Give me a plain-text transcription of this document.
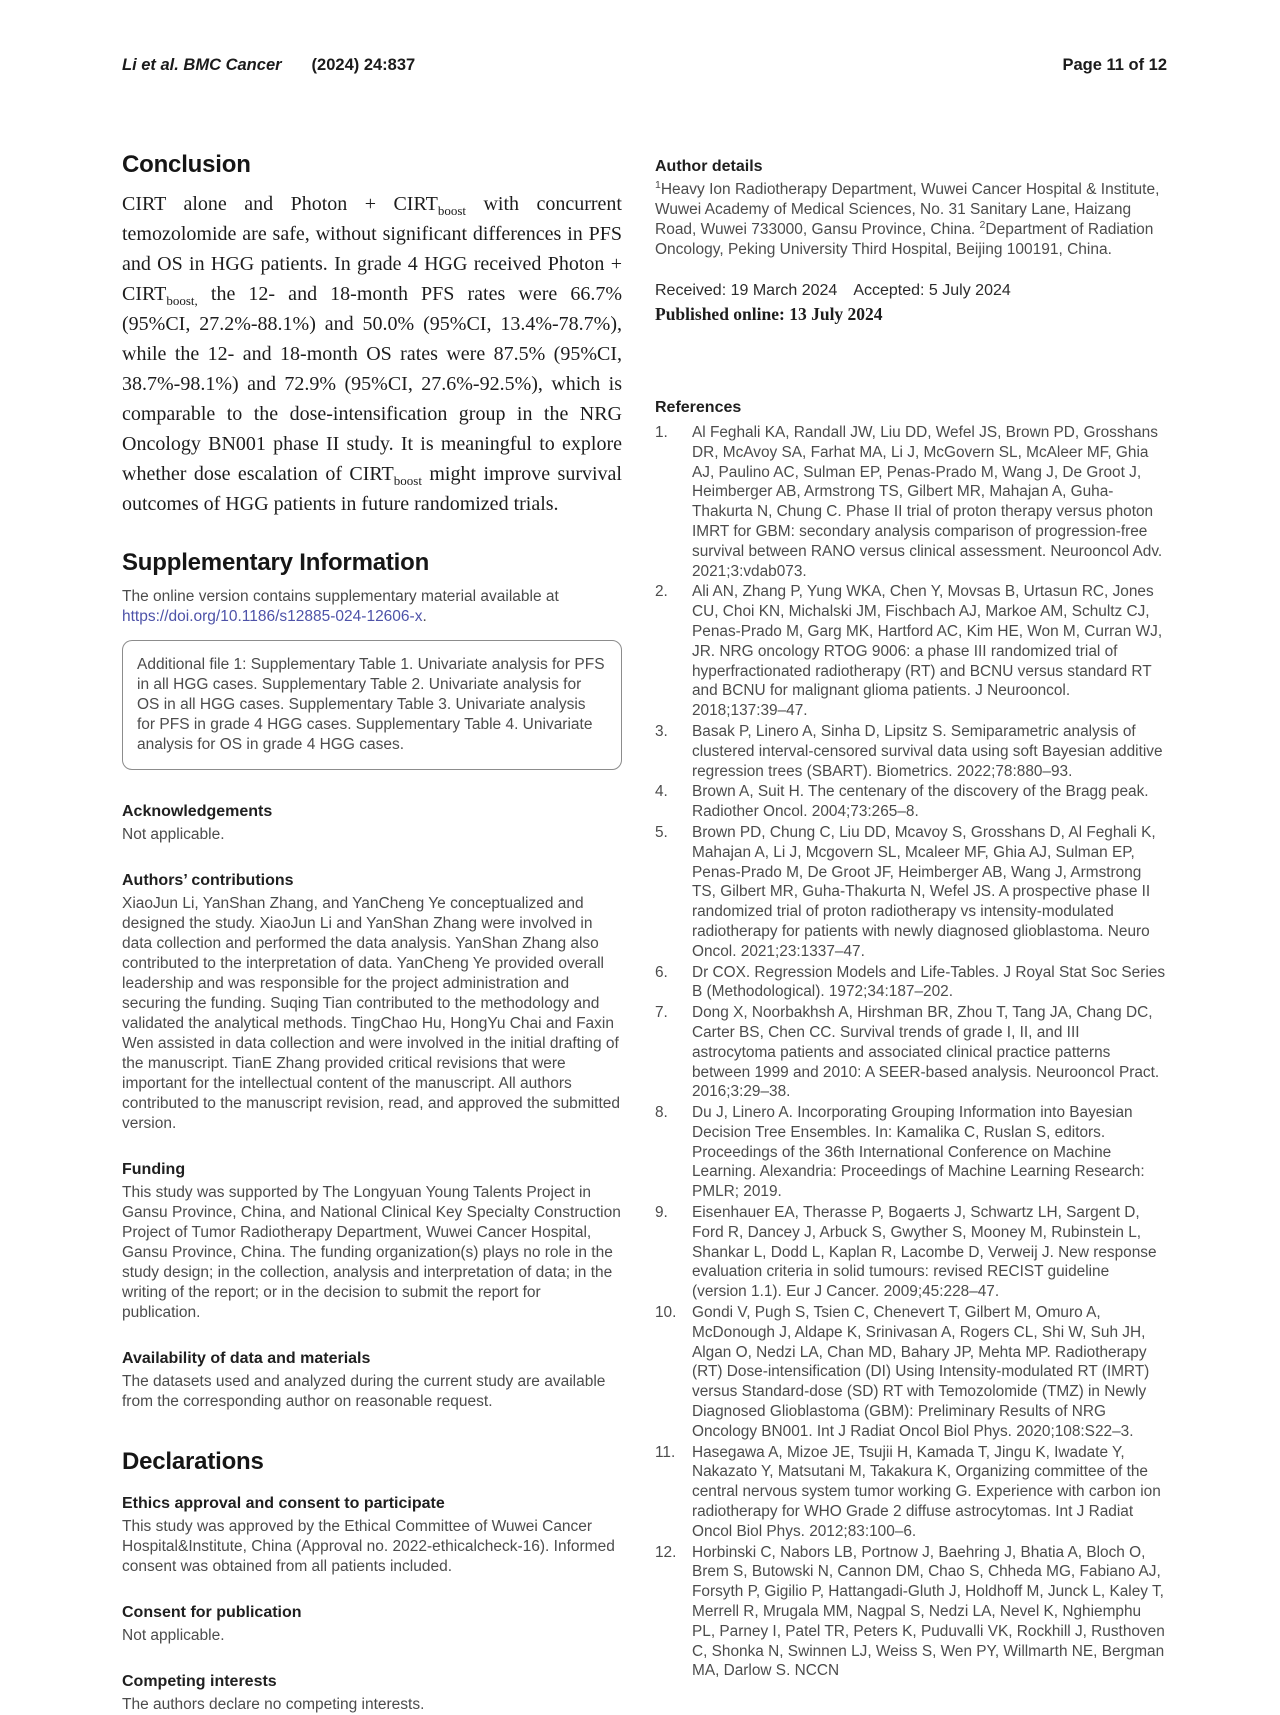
Li et al. BMC Cancer (2024) 24:837	Page 11 of 12
Conclusion

CIRT alone and Photon + $CIRT_{boost}$ with concurrent temozolomide are safe, without significant differences in PFS and OS in HGG patients. In grade 4 HGG received Photon + $CIRT_{boost,}$ the 12- and 18-month PFS rates were 66.7% (95%CI, 27.2%-88.1%) and 50.0% (95%CI, 13.4%-78.7%), while the 12- and 18-month OS rates were 87.5% (95%CI, 38.7%-98.1%) and 72.9% (95%CI, 27.6%-92.5%), which is comparable to the dose-intensification group in the NRG Oncology BN001 phase II study. It is meaningful to explore whether dose escalation of $CIRT_{boost}$ might improve survival outcomes of HGG patients in future randomized trials.

Supplementary Information

The online version contains supplementary material available at https://doi.org/10.1186/s12885-024-12606-x.

Additional file 1: Supplementary Table 1. Univariate analysis for PFS in all HGG cases. Supplementary Table 2. Univariate analysis for OS in all HGG cases. Supplementary Table 3. Univariate analysis for PFS in grade 4 HGG cases. Supplementary Table 4. Univariate analysis for OS in grade 4 HGG cases.
Acknowledgements

Not applicable.

Authors’ contributions

XiaoJun Li, YanShan Zhang, and YanCheng Ye conceptualized and designed the study. XiaoJun Li and YanShan Zhang were involved in data collection and performed the data analysis. YanShan Zhang also contributed to the interpretation of data. YanCheng Ye provided overall leadership and was responsible for the project administration and securing the funding. Suqing Tian contributed to the methodology and validated the analytical methods. TingChao Hu, HongYu Chai and Faxin Wen assisted in data collection and were involved in the initial drafting of the manuscript. TianE Zhang provided critical revisions that were important for the intellectual content of the manuscript. All authors contributed to the manuscript revision, read, and approved the submitted version.

Funding

This study was supported by The Longyuan Young Talents Project in Gansu Province, China, and National Clinical Key Specialty Construction Project of Tumor Radiotherapy Department, Wuwei Cancer Hospital, Gansu Province, China. The funding organization(s) plays no role in the study design; in the collection, analysis and interpretation of data; in the writing of the report; or in the decision to submit the report for publication.

Availability of data and materials

The datasets used and analyzed during the current study are available from the corresponding author on reasonable request.

Declarations
Ethics approval and consent to participate

This study was approved by the Ethical Committee of Wuwei Cancer Hospital&Institute, China (Approval no. 2022-ethicalcheck-16). Informed consent was obtained from all patients included.

Consent for publication

Not applicable.

Competing interests

The authors declare no competing interests.

Author details

$^1$Heavy Ion Radiotherapy Department, Wuwei Cancer Hospital & Institute, Wuwei Academy of Medical Sciences, No. 31 Sanitary Lane, Haizang Road, Wuwei 733000, Gansu Province, China. $^2$Department of Radiation Oncology, Peking University Third Hospital, Beijing 100191, China.

Received: 19 March 2024 Accepted: 5 July 2024
Published online: 13 July 2024
References
1.	Al Feghali KA, Randall JW, Liu DD, Wefel JS, Brown PD, Grosshans DR, McAvoy SA, Farhat MA, Li J, McGovern SL, McAleer MF, Ghia AJ, Paulino AC, Sulman EP, Penas-Prado M, Wang J, De Groot J, Heimberger AB, Armstrong TS, Gilbert MR, Mahajan A, Guha-Thakurta N, Chung C. Phase II trial of proton therapy versus photon IMRT for GBM: secondary analysis comparison of progression-free survival between RANO versus clinical assessment. Neurooncol Adv. 2021;3:vdab073.
2.	Ali AN, Zhang P, Yung WKA, Chen Y, Movsas B, Urtasun RC, Jones CU, Choi KN, Michalski JM, Fischbach AJ, Markoe AM, Schultz CJ, Penas-Prado M, Garg MK, Hartford AC, Kim HE, Won M, Curran WJ, JR. NRG oncology RTOG 9006: a phase III randomized trial of hyperfractionated radiotherapy (RT) and BCNU versus standard RT and BCNU for malignant glioma patients. J Neurooncol. 2018;137:39–47.
3.	Basak P, Linero A, Sinha D, Lipsitz S. Semiparametric analysis of clustered interval-censored survival data using soft Bayesian additive regression trees (SBART). Biometrics. 2022;78:880–93.
4.	Brown A, Suit H. The centenary of the discovery of the Bragg peak. Radiother Oncol. 2004;73:265–8.
5.	Brown PD, Chung C, Liu DD, Mcavoy S, Grosshans D, Al Feghali K, Mahajan A, Li J, Mcgovern SL, Mcaleer MF, Ghia AJ, Sulman EP, Penas-Prado M, De Groot JF, Heimberger AB, Wang J, Armstrong TS, Gilbert MR, Guha-Thakurta N, Wefel JS. A prospective phase II randomized trial of proton radiotherapy vs intensity-modulated radiotherapy for patients with newly diagnosed glioblastoma. Neuro Oncol. 2021;23:1337–47.
6.	Dr COX. Regression Models and Life-Tables. J Royal Stat Soc Series B (Methodological). 1972;34:187–202.
7.	Dong X, Noorbakhsh A, Hirshman BR, Zhou T, Tang JA, Chang DC, Carter BS, Chen CC. Survival trends of grade I, II, and III astrocytoma patients and associated clinical practice patterns between 1999 and 2010: A SEER-based analysis. Neurooncol Pract. 2016;3:29–38.
8.	Du J, Linero A. Incorporating Grouping Information into Bayesian Decision Tree Ensembles. In: Kamalika C, Ruslan S, editors. Proceedings of the 36th International Conference on Machine Learning. Alexandria: Proceedings of Machine Learning Research: PMLR; 2019.
9.	Eisenhauer EA, Therasse P, Bogaerts J, Schwartz LH, Sargent D, Ford R, Dancey J, Arbuck S, Gwyther S, Mooney M, Rubinstein L, Shankar L, Dodd L, Kaplan R, Lacombe D, Verweij J. New response evaluation criteria in solid tumours: revised RECIST guideline (version 1.1). Eur J Cancer. 2009;45:228–47.
10.	Gondi V, Pugh S, Tsien C, Chenevert T, Gilbert M, Omuro A, McDonough J, Aldape K, Srinivasan A, Rogers CL, Shi W, Suh JH, Algan O, Nedzi LA, Chan MD, Bahary JP, Mehta MP. Radiotherapy (RT) Dose-intensification (DI) Using Intensity-modulated RT (IMRT) versus Standard-dose (SD) RT with Temozolomide (TMZ) in Newly Diagnosed Glioblastoma (GBM): Preliminary Results of NRG Oncology BN001. Int J Radiat Oncol Biol Phys. 2020;108:S22–3.
11.	Hasegawa A, Mizoe JE, Tsujii H, Kamada T, Jingu K, Iwadate Y, Nakazato Y, Matsutani M, Takakura K, Organizing committee of the central nervous system tumor working G. Experience with carbon ion radiotherapy for WHO Grade 2 diffuse astrocytomas. Int J Radiat Oncol Biol Phys. 2012;83:100–6.
12.	Horbinski C, Nabors LB, Portnow J, Baehring J, Bhatia A, Bloch O, Brem S, Butowski N, Cannon DM, Chao S, Chheda MG, Fabiano AJ, Forsyth P, Gigilio P, Hattangadi-Gluth J, Holdhoff M, Junck L, Kaley T, Merrell R, Mrugala MM, Nagpal S, Nedzi LA, Nevel K, Nghiemphu PL, Parney I, Patel TR, Peters K, Puduvalli VK, Rockhill J, Rusthoven C, Shonka N, Swinnen LJ, Weiss S, Wen PY, Willmarth NE, Bergman MA, Darlow S. NCCN
